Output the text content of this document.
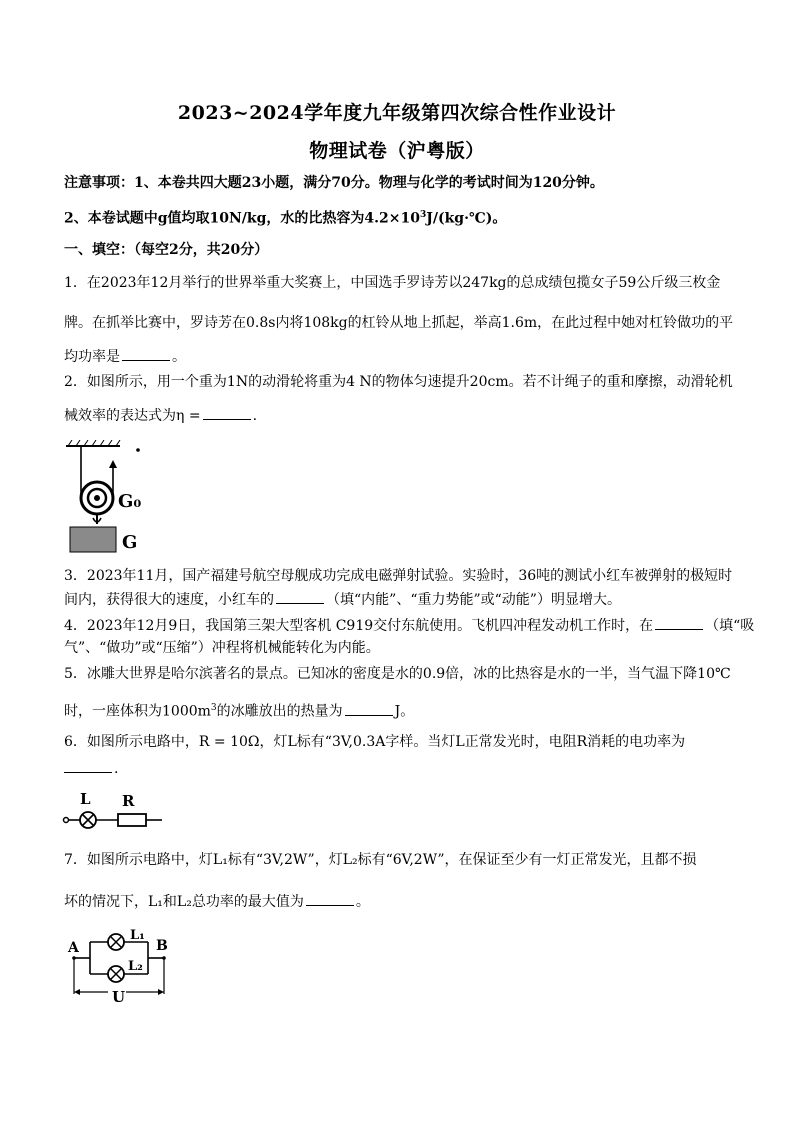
2023~2024学年度九年级第四次综合性作业设计
物理试卷（沪粤版）
注意事项：1、本卷共四大题23小题，满分70分。物理与化学的考试时间为120分钟。
2、本卷试题中g值均取10N/kg，水的比热容为$4.2\times 10^3J/(kg\cdot℃)$。
一、填空：（每空2分，共20分）
1．在2023年12月举行的世界举重大奖赛上，中国选手罗诗芳以247kg的总成绩包揽女子59公斤级三枚金
牌。在抓举比赛中，罗诗芳在0.8s内将108kg的杠铃从地上抓起，举高1.6m，在此过程中她对杠铃做功的平
均功率是	。
2．如图所示，用一个重为1N的动滑轮将重为4 N的物体匀速提升20cm。若不计绳子的重和摩擦，动滑轮机
械效率的表达式为η =	.
G₀
G
3．2023年11月，国产福建号航空母舰成功完成电磁弹射试验。实验时，36吨的测试小红车被弹射的极短时
间内，获得很大的速度，小红车的	（填“内能”、“重力势能”或“动能”）明显增大。
4．2023年12月9日，我国第三架大型客机 C919交付东航使用。飞机四冲程发动机工作时，在	（填“吸
气”、“做功”或“压缩”）冲程将机械能转化为内能。
5．冰雕大世界是哈尔滨著名的景点。已知冰的密度是水的0.9倍，冰的比热容是水的一半，当气温下降10℃
时，一座体积为$1000m^3$的冰雕放出的热量为	J。
6．如图所示电路中，R = 10Ω，灯L标有“3V,0.3A字样。当灯L正常发光时，电阻R消耗的电功率为
.
L R
7．如图所示电路中，灯L₁标有“3V,2W”，灯L₂标有“6V,2W”，在保证至少有一灯正常发光，且都不损
坏的情况下，L₁和L₂总功率的最大值为	。
A	B
L₁
L₂
U
